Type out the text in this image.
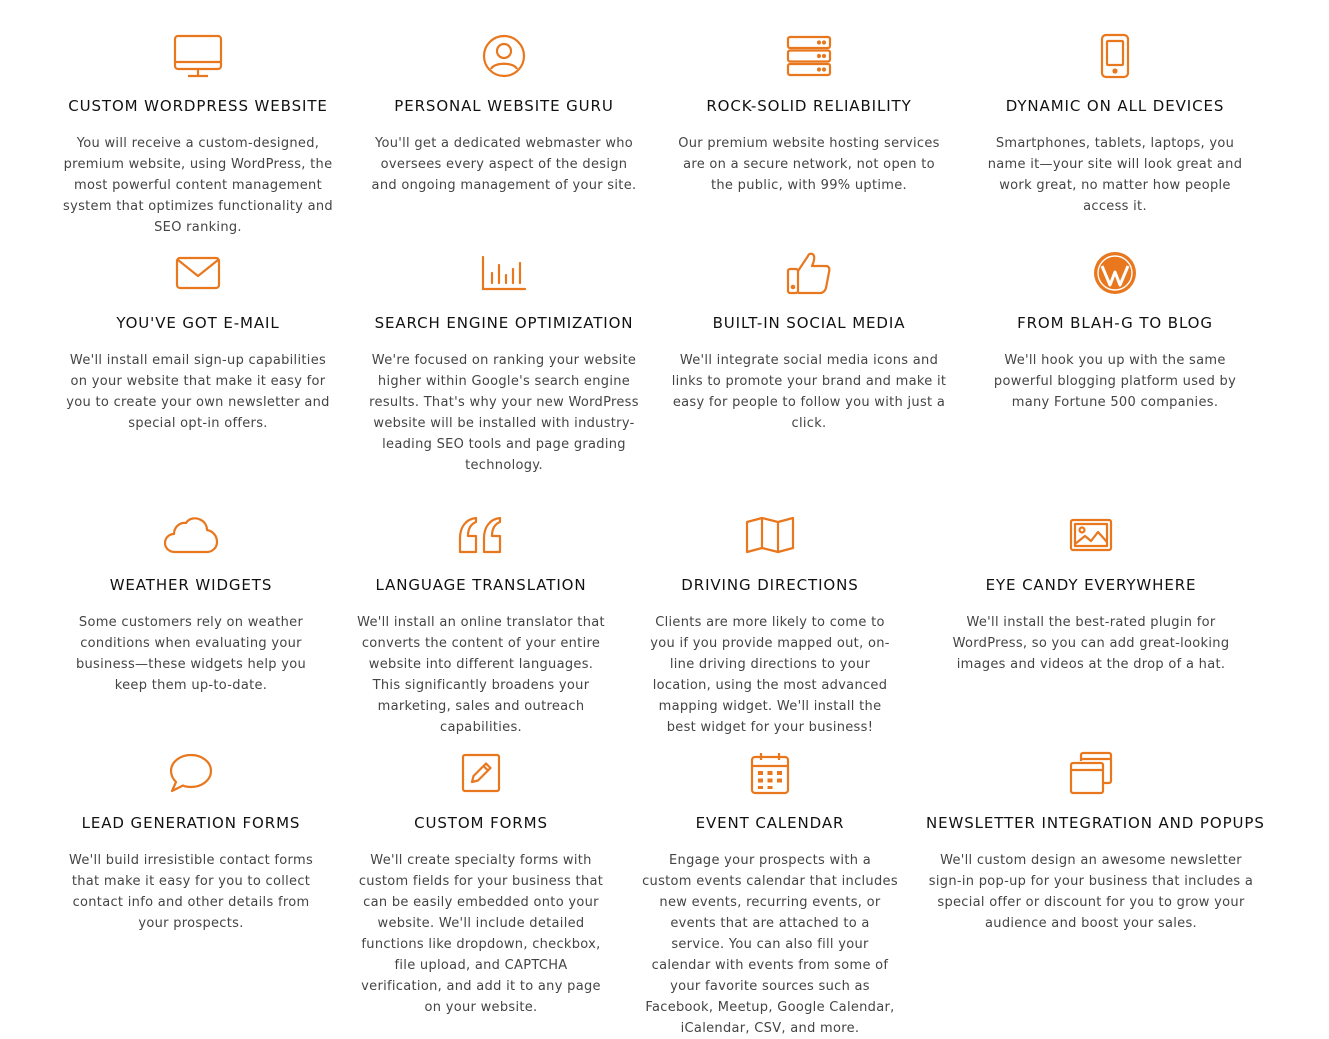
CUSTOM WORDPRESS WEBSITE
You will receive a custom-designed, premium website, using WordPress, the most powerful content management system that optimizes functionality and SEO ranking.
PERSONAL WEBSITE GURU
You'll get a dedicated webmaster who oversees every aspect of the design and ongoing management of your site.
ROCK-SOLID RELIABILITY
Our premium website hosting services are on a secure network, not open to the public, with 99% uptime.
DYNAMIC ON ALL DEVICES
Smartphones, tablets, laptops, you name it—your site will look great and work great, no matter how people access it.
YOU'VE GOT E-MAIL
We'll install email sign-up capabilities on your website that make it easy for you to create your own newsletter and special opt-in offers.
SEARCH ENGINE OPTIMIZATION
We're focused on ranking your website higher within Google's search engine results. That's why your new WordPress website will be installed with industry-leading SEO tools and page grading technology.
BUILT-IN SOCIAL MEDIA
We'll integrate social media icons and links to promote your brand and make it easy for people to follow you with just a click.
FROM BLAH-G TO BLOG
We'll hook you up with the same powerful blogging platform used by many Fortune 500 companies.
WEATHER WIDGETS
Some customers rely on weather conditions when evaluating your business—these widgets help you keep them up-to-date.
LANGUAGE TRANSLATION
We'll install an online translator that converts the content of your entire website into different languages. This significantly broadens your marketing, sales and outreach capabilities.
DRIVING DIRECTIONS
Clients are more likely to come to you if you provide mapped out, on-line driving directions to your location, using the most advanced mapping widget. We'll install the best widget for your business!
EYE CANDY EVERYWHERE
We'll install the best-rated plugin for WordPress, so you can add great-looking images and videos at the drop of a hat.
LEAD GENERATION FORMS
We'll build irresistible contact forms that make it easy for you to collect contact info and other details from your prospects.
CUSTOM FORMS
We'll create specialty forms with custom fields for your business that can be easily embedded onto your website. We'll include detailed functions like dropdown, checkbox, file upload, and CAPTCHA verification, and add it to any page on your website.
EVENT CALENDAR
Engage your prospects with a custom events calendar that includes new events, recurring events, or events that are attached to a service. You can also fill your calendar with events from some of your favorite sources such as Facebook, Meetup, Google Calendar, iCalendar, CSV, and more.
NEWSLETTER INTEGRATION AND POPUPS
We'll custom design an awesome newsletter sign-in pop-up for your business that includes a special offer or discount for you to grow your audience and boost your sales.
